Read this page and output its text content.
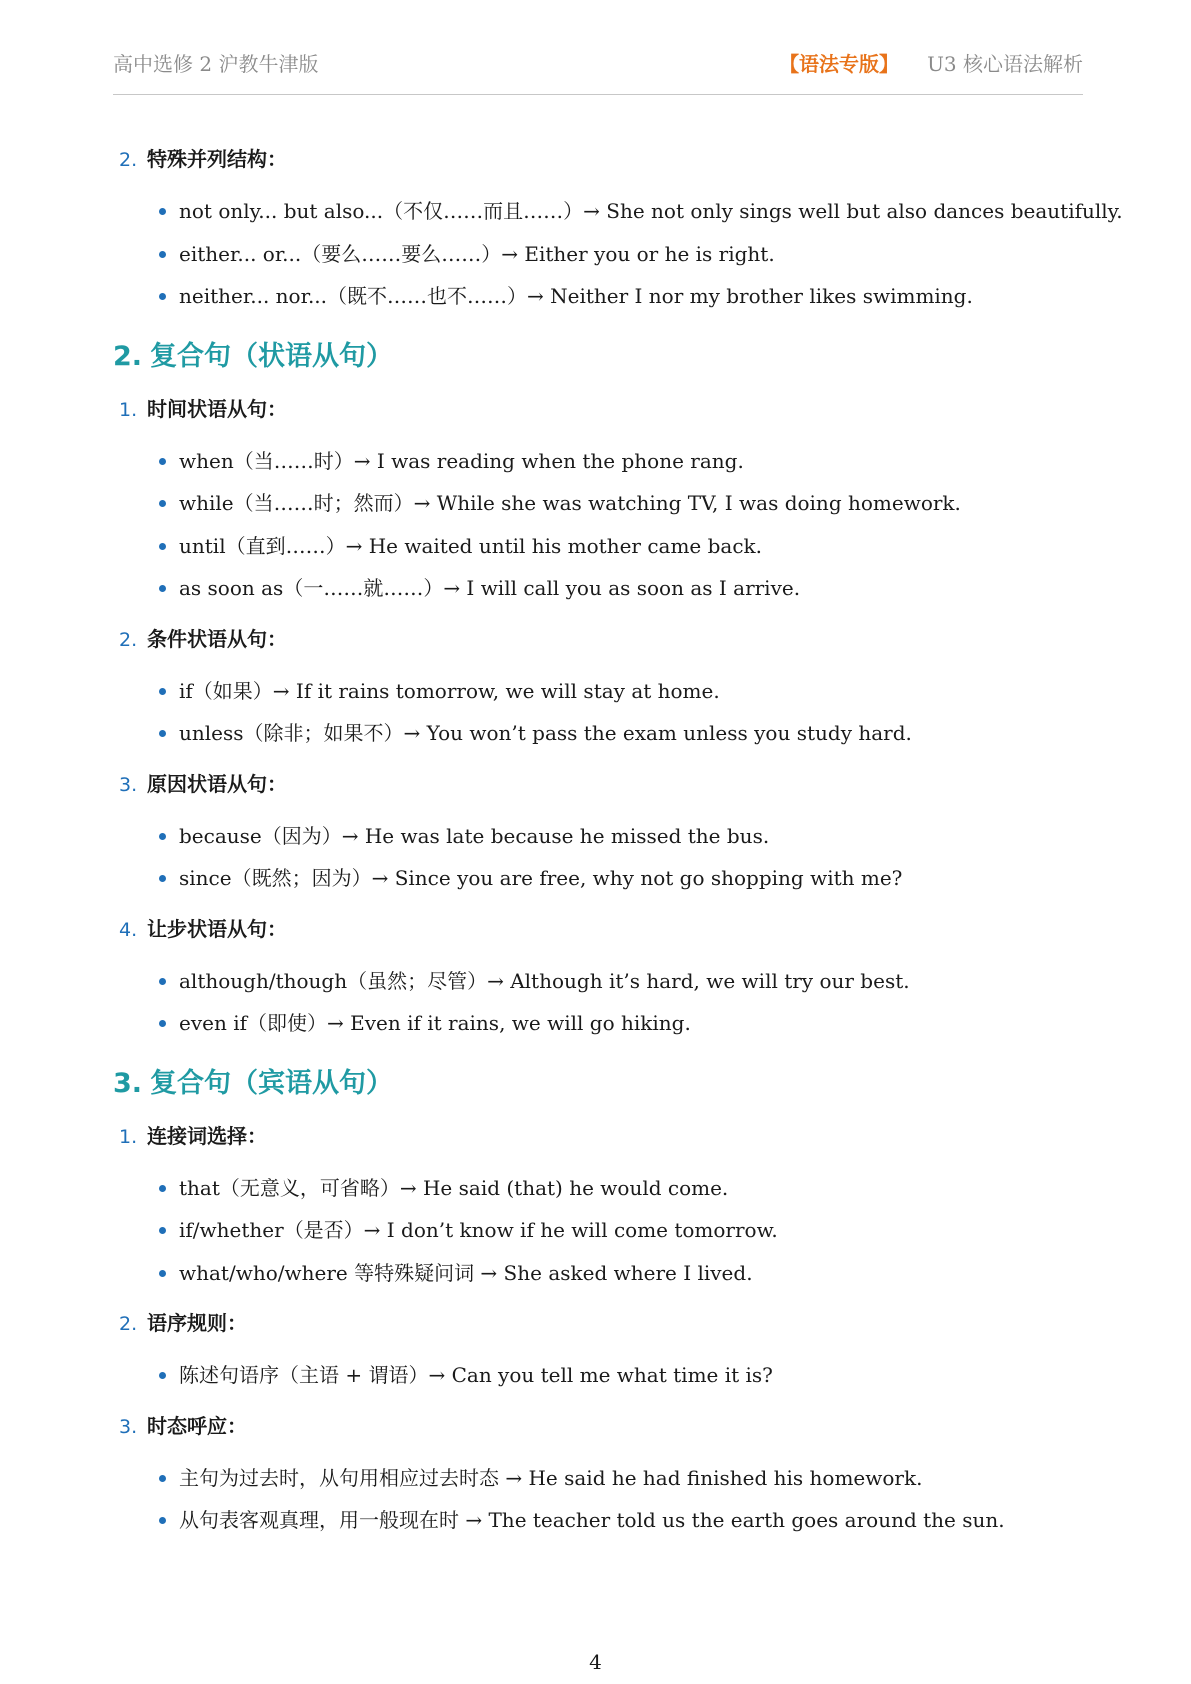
高中选修 2 沪教牛津版	【语法专版】 U3 核心语法解析
2. 特殊并列结构：
not only... but also...（不仅……而且……）→ She not only sings well but also dances beautifully.
either... or...（要么……要么……）→ Either you or he is right.
neither... nor...（既不……也不……）→ Neither I nor my brother likes swimming.
2. 复合句（状语从句）
1. 时间状语从句：
when（当……时）→ I was reading when the phone rang.
while（当……时；然而）→ While she was watching TV, I was doing homework.
until（直到……）→ He waited until his mother came back.
as soon as（一……就……）→ I will call you as soon as I arrive.
2. 条件状语从句：
if（如果）→ If it rains tomorrow, we will stay at home.
unless（除非；如果不）→ You won’t pass the exam unless you study hard.
3. 原因状语从句：
because（因为）→ He was late because he missed the bus.
since（既然；因为）→ Since you are free, why not go shopping with me?
4. 让步状语从句：
although/though（虽然；尽管）→ Although it’s hard, we will try our best.
even if（即使）→ Even if it rains, we will go hiking.
3. 复合句（宾语从句）
1. 连接词选择：
that（无意义，可省略）→ He said (that) he would come.
if/whether（是否）→ I don’t know if he will come tomorrow.
what/who/where 等特殊疑问词 → She asked where I lived.
2. 语序规则：
陈述句语序（主语 + 谓语）→ Can you tell me what time it is?
3. 时态呼应：
主句为过去时，从句用相应过去时态 → He said he had finished his homework.
从句表客观真理，用一般现在时 → The teacher told us the earth goes around the sun.
4
